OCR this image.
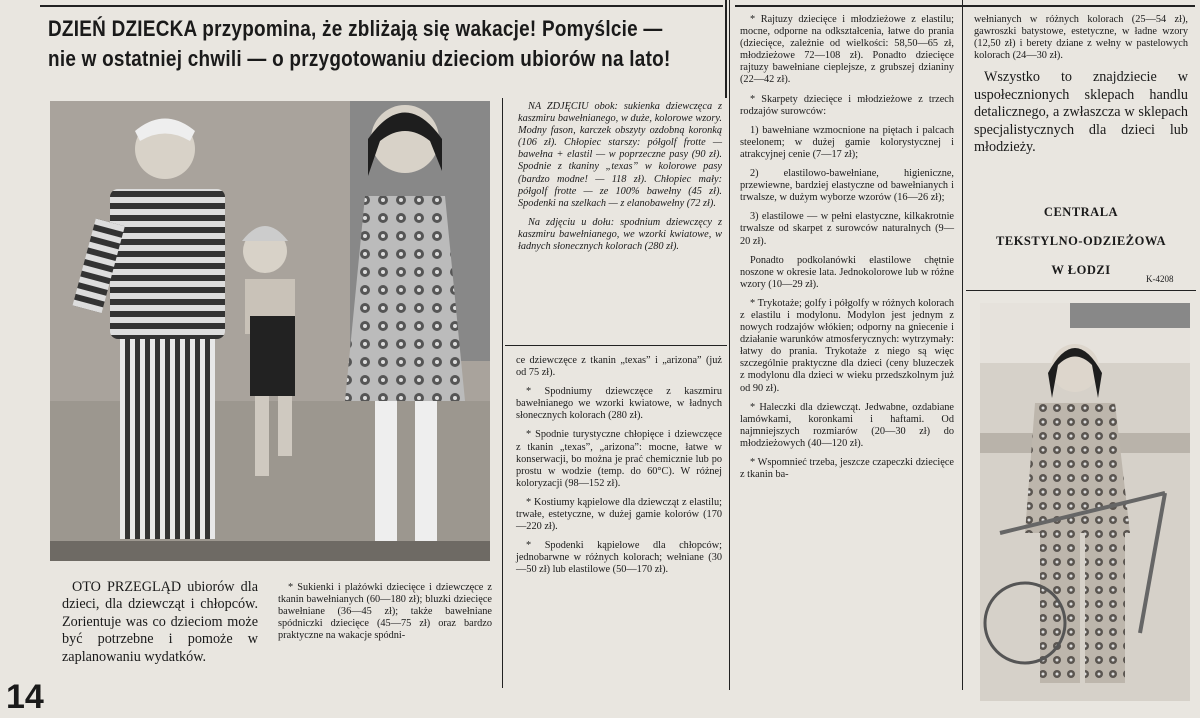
DZIEŃ DZIECKA przypomina, że zbliżają się wakacje! Pomyślcie —
nie w ostatniej chwili — o przygotowaniu dzieciom ubiorów na lato!

NA ZDJĘCIU obok: sukienka dziewczęca z kaszmiru bawełnianego, w duże, kolorowe wzory. Modny fason, karczek obszyty ozdobną koronką (106 zł). Chłopiec starszy: półgolf frotte — bawełna + elastil — w poprzeczne pasy (90 zł). Spodnie z tkaniny „texas” w kolorowe pasy (bardzo modne! — 118 zł). Chłopiec mały: półgolf frotte — ze 100% bawełny (45 zł). Spodenki na szelkach — z elanobawełny (72 zł).

Na zdjęciu u dołu: spodnium dziewczęcy z kaszmiru bawełnianego, we wzorki kwiatowe, w ładnych słonecznych kolorach (280 zł).

OTO PRZEGLĄD ubiorów dla dzieci, dla dziewcząt i chłopców. Zorientuje was co dzieciom może być potrzebne i pomoże w zaplanowaniu wydatków.

* Sukienki i plażówki dziecięce i dziewczęce z tkanin bawełnianych (60—180 zł); bluzki dziecięce bawełniane (36—45 zł); także bawełniane spódniczki dziecięce (45—75 zł) oraz bardzo praktyczne na wakacje spódni-

ce dziewczęce z tkanin „texas” i „arizona” (już od 75 zł).

* Spodniumy dziewczęce z kaszmiru bawełnianego we wzorki kwiatowe, w ładnych słonecznych kolorach (280 zł).

* Spodnie turystyczne chłopięce i dziewczęce z tkanin „texas”, „arizona”: mocne, łatwe w konserwacji, bo można je prać chemicznie lub po prostu w wodzie (temp. do 60°C). W różnej koloryzacji (98—152 zł).

* Kostiumy kąpielowe dla dziewcząt z elastilu; trwałe, estetyczne, w dużej gamie kolorów (170—220 zł).

* Spodenki kąpielowe dla chłopców; jednobarwne w różnych kolorach; wełniane (30—50 zł) lub elastilowe (50—170 zł).

* Rajtuzy dziecięce i młodzieżowe z elastilu; mocne, odporne na odkształcenia, łatwe do prania (dziecięce, zależnie od wielkości: 58,50—65 zł, młodzieżowe 72—108 zł). Ponadto dziecięce rajtuzy bawełniane cieplejsze, z grubszej dzianiny (22—42 zł).

* Skarpety dziecięce i młodzieżowe z trzech rodzajów surowców:

1) bawełniane wzmocnione na piętach i palcach steelonem; w dużej gamie kolorystycznej i atrakcyjnej cenie (7—17 zł);

2) elastilowo-bawełniane, higieniczne, przewiewne, bardziej elastyczne od bawełnianych i trwalsze, w dużym wyborze wzorów (16—26 zł);

3) elastilowe — w pełni elastyczne, kilkakrotnie trwalsze od skarpet z surowców naturalnych (9—20 zł).

Ponadto podkolanówki elastilowe chętnie noszone w okresie lata. Jednokolorowe lub w różne wzory (10—29 zł).

* Trykotaże; golfy i półgolfy w różnych kolorach z elastilu i modylonu. Modylon jest jednym z nowych rodzajów włókien; odporny na gniecenie i działanie warunków atmosferycznych: wytrzymały: łatwy do prania. Trykotaże z niego są więc szczególnie praktyczne dla dzieci (ceny bluzeczek z modylonu dla dzieci w wieku przedszkolnym już od 90 zł).

* Haleczki dla dziewcząt. Jedwabne, ozdabiane lamówkami, koronkami i haftami. Od najmniejszych rozmiarów (20—30 zł) do młodzieżowych (40—120 zł).

* Wspomnieć trzeba, jeszcze czapeczki dziecięce z tkanin ba-

wełnianych w różnych kolorach (25—54 zł), gawroszki batystowe, estetyczne, w ładne wzory (12,50 zł) i berety dziane z wełny w pastelowych kolorach (24—30 zł).

Wszystko to znajdziecie w uspołecznionych sklepach handlu detalicznego, a zwłaszcza w sklepach specjalistycznych dla dzieci lub młodzieży.

CENTRALA
TEKSTYLNO-ODZIEŻOWA
W ŁODZI
K-4208
14
